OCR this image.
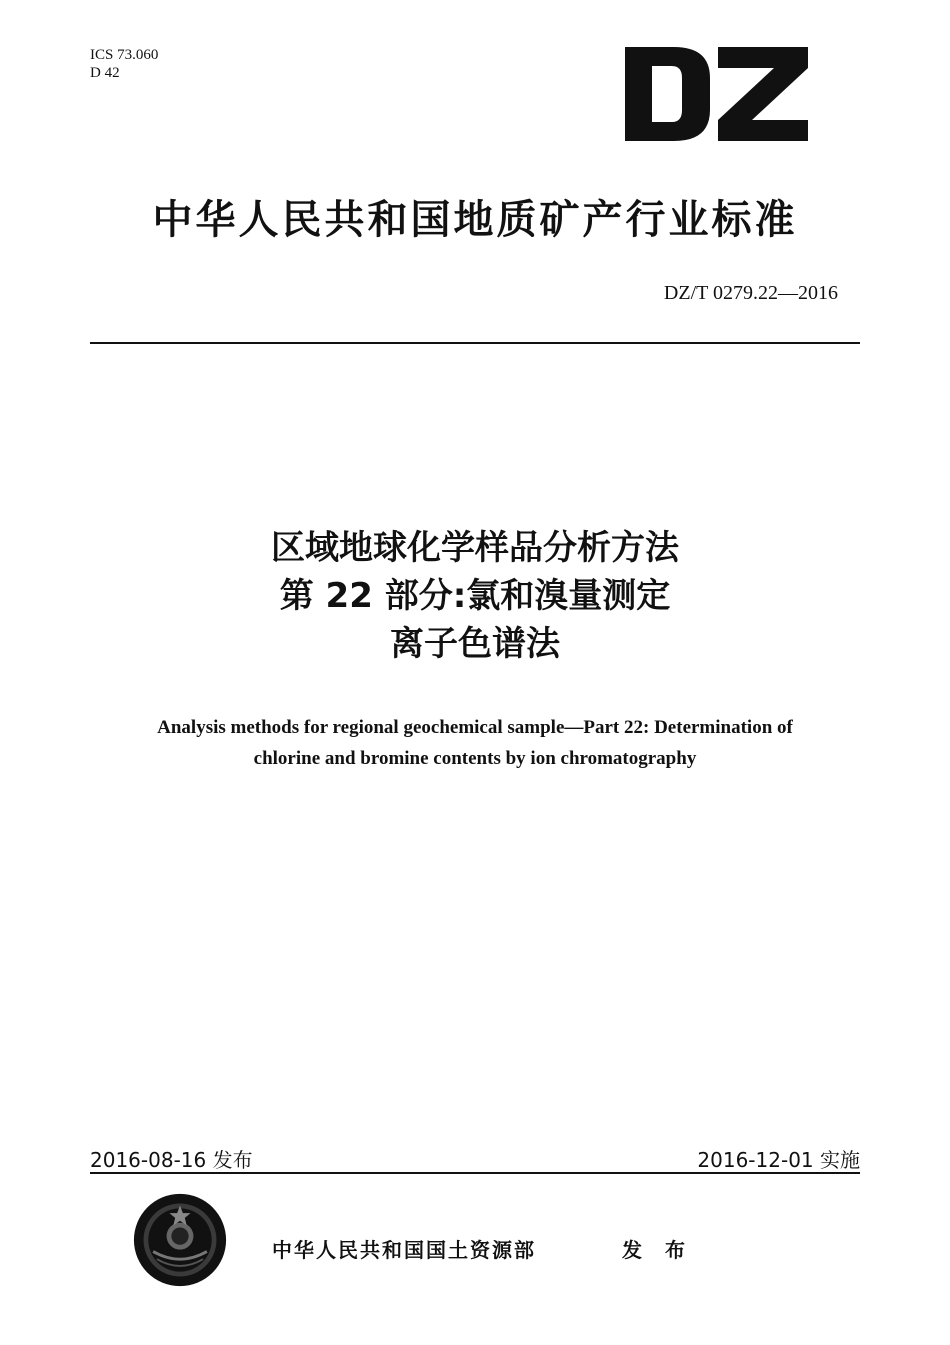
ICS 73.060
D 42
中华人民共和国地质矿产行业标准
DZ/T 0279.22—2016
区域地球化学样品分析方法
第 22 部分:氯和溴量测定
离子色谱法
Analysis methods for regional geochemical sample—Part 22: Determination of
chlorine and bromine contents by ion chromatography
2016-08-16 发布	2016-12-01 实施
中华人民共和国国土资源部	发 布
